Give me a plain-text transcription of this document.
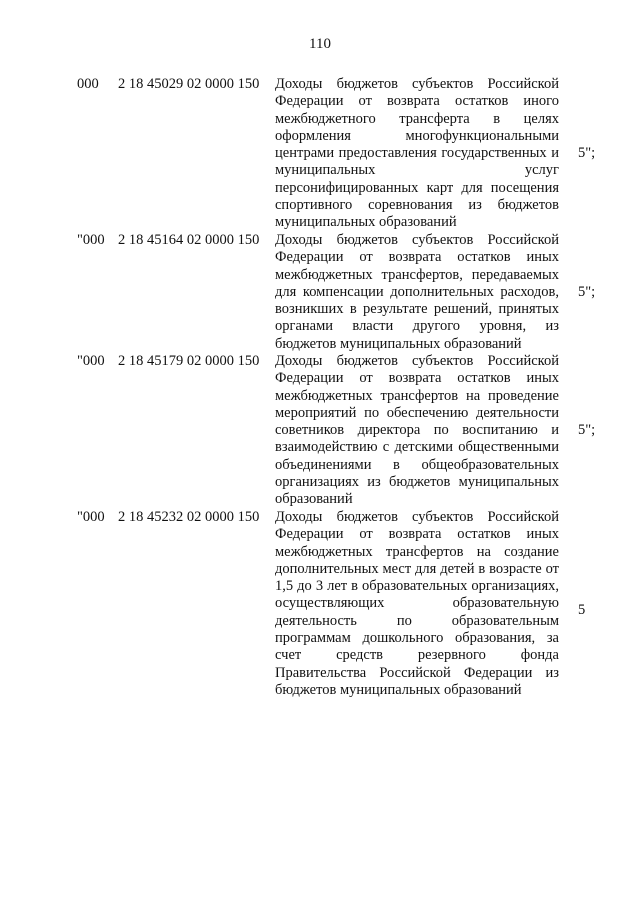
110
000 2 18 45029 02 0000 150 Доходы бюджетов субъектов Российской Федерации от возврата остатков иного межбюджетного трансферта в целях оформления многофункциональными центрами предоставления государственных и муниципальных услуг персонифицированных карт для посещения спортивного соревнования из бюджетов муниципальных образований

5";
"000 2 18 45164 02 0000 150 Доходы бюджетов субъектов Российской Федерации от возврата остатков иных межбюджетных трансфертов, передаваемых для компенсации дополнительных расходов, возникших в результате решений, принятых органами власти другого уровня, из бюджетов муниципальных образований

5";
"000 2 18 45179 02 0000 150 Доходы бюджетов субъектов Российской Федерации от возврата остатков иных межбюджетных трансфертов на проведение мероприятий по обеспечению деятельности советников директора по воспитанию и взаимодействию с детскими общественными объединениями в общеобразовательных организациях из бюджетов муниципальных образований

5";
"000 2 18 45232 02 0000 150 Доходы бюджетов субъектов Российской Федерации от возврата остатков иных межбюджетных трансфертов на создание дополнительных мест для детей в возрасте от 1,5 до 3 лет в образовательных организациях, осуществляющих образовательную деятельность по образовательным программам дошкольного образования, за счет средств резервного фонда Правительства Российской Федерации из бюджетов муниципальных образований

5
